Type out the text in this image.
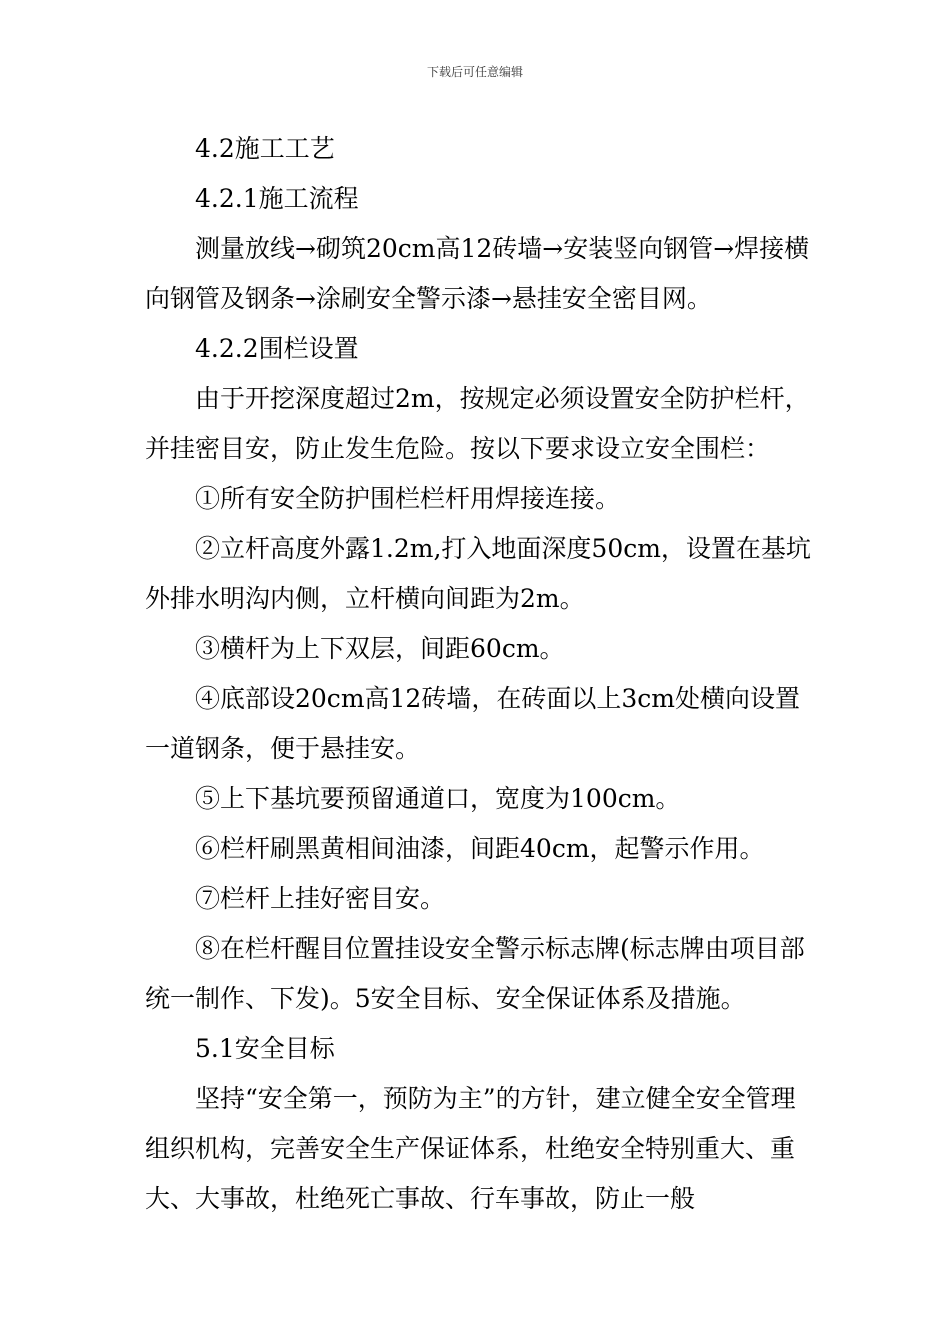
下载后可任意编辑

4.2施工工艺

4.2.1施工流程

测量放线→砌筑20cm高12砖墙→安装竖向钢管→焊接横向钢管及钢条→涂刷安全警示漆→悬挂安全密目网。

4.2.2围栏设置

由于开挖深度超过2m，按规定必须设置安全防护栏杆，并挂密目安，防止发生危险。按以下要求设立安全围栏：

①所有安全防护围栏栏杆用焊接连接。

②立杆高度外露1.2m,打入地面深度50cm，设置在基坑外排水明沟内侧，立杆横向间距为2m。

③横杆为上下双层，间距60cm。

④底部设20cm高12砖墙，在砖面以上3cm处横向设置一道钢条，便于悬挂安。

⑤上下基坑要预留通道口，宽度为100cm。

⑥栏杆刷黑黄相间油漆，间距40cm，起警示作用。

⑦栏杆上挂好密目安。

⑧在栏杆醒目位置挂设安全警示标志牌(标志牌由项目部统一制作、下发)。5安全目标、安全保证体系及措施。

5.1安全目标

坚持“安全第一，预防为主”的方针，建立健全安全管理组织机构，完善安全生产保证体系，杜绝安全特别重大、重大、大事故，杜绝死亡事故、行车事故，防止一般
